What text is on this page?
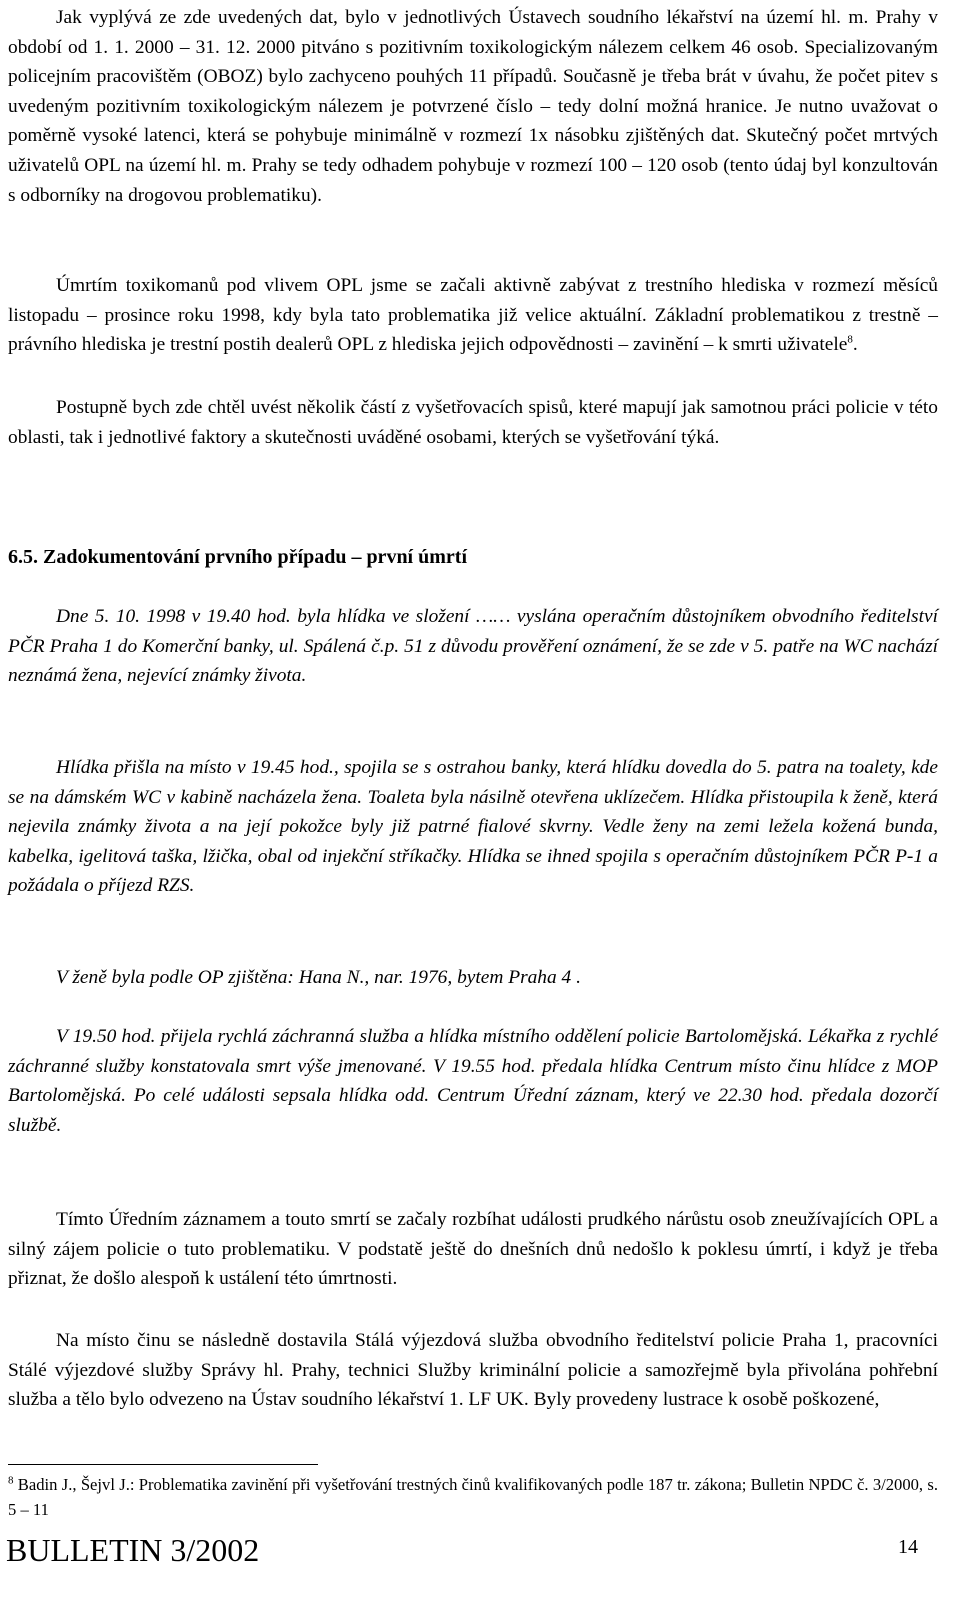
Jak vyplývá ze zde uvedených dat, bylo v jednotlivých Ústavech soudního lékařství na území hl. m. Prahy v období od 1. 1. 2000 – 31. 12. 2000 pitváno s pozitivním toxikologickým nálezem celkem 46 osob. Specializovaným policejním pracovištěm (OBOZ) bylo zachyceno pouhých 11 případů. Současně je třeba brát v úvahu, že počet pitev s uvedeným pozitivním toxikologickým nálezem je potvrzené číslo – tedy dolní možná hranice. Je nutno uvažovat o poměrně vysoké latenci, která se pohybuje minimálně v rozmezí 1x násobku zjištěných dat. Skutečný počet mrtvých uživatelů OPL na území hl. m. Prahy se tedy odhadem pohybuje v rozmezí 100 – 120 osob (tento údaj byl konzultován s odborníky na drogovou problematiku).

Úmrtím toxikomanů pod vlivem OPL jsme se začali aktivně zabývat z trestního hlediska v rozmezí měsíců listopadu – prosince roku 1998, kdy byla tato problematika již velice aktuální. Základní problematikou z trestně – právního hlediska je trestní postih dealerů OPL z hlediska jejich odpovědnosti – zavinění – k smrti uživatele$^8$.

Postupně bych zde chtěl uvést několik částí z vyšetřovacích spisů, které mapují jak samotnou práci policie v této oblasti, tak i jednotlivé faktory a skutečnosti uváděné osobami, kterých se vyšetřování týká.

6.5. Zadokumentování prvního případu – první úmrtí

Dne 5. 10. 1998 v 19.40 hod. byla hlídka ve složení …… vyslána operačním důstojníkem obvodního ředitelství PČR Praha 1 do Komerční banky, ul. Spálená č.p. 51 z důvodu prověření oznámení, že se zde v 5. patře na WC nachází neznámá žena, nejevící známky života.

Hlídka přišla na místo v 19.45 hod., spojila se s ostrahou banky, která hlídku dovedla do 5. patra na toalety, kde se na dámském WC v kabině nacházela žena. Toaleta byla násilně otevřena uklízečem. Hlídka přistoupila k ženě, která nejevila známky života a na její pokožce byly již patrné fialové skvrny. Vedle ženy na zemi ležela kožená bunda, kabelka, igelitová taška, lžička, obal od injekční stříkačky. Hlídka se ihned spojila s operačním důstojníkem PČR P-1 a požádala o příjezd RZS.

V ženě byla podle OP zjištěna: Hana N., nar. 1976, bytem Praha 4 .

V 19.50 hod. přijela rychlá záchranná služba a hlídka místního oddělení policie Bartolomějská. Lékařka z rychlé záchranné služby konstatovala smrt výše jmenované. V 19.55 hod. předala hlídka Centrum místo činu hlídce z MOP Bartolomějská. Po celé události sepsala hlídka odd. Centrum Úřední záznam, který ve 22.30 hod. předala dozorčí službě.

Tímto Úředním záznamem a touto smrtí se začaly rozbíhat události prudkého nárůstu osob zneužívajících OPL a silný zájem policie o tuto problematiku. V podstatě ještě do dnešních dnů nedošlo k poklesu úmrtí, i když je třeba přiznat, že došlo alespoň k ustálení této úmrtnosti.

Na místo činu se následně dostavila Stálá výjezdová služba obvodního ředitelství policie Praha 1, pracovníci Stálé výjezdové služby Správy hl. Prahy, technici Služby kriminální policie a samozřejmě byla přivolána pohřební služba a tělo bylo odvezeno na Ústav soudního lékařství 1. LF UK. Byly provedeny lustrace k osobě poškozené,

$^8$ Badin J., Šejvl J.: Problematika zavinění při vyšetřování trestných činů kvalifikovaných podle 187 tr. zákona; Bulletin NPDC č. 3/2000, s. 5 – 11

BULLETIN 3/2002	14
